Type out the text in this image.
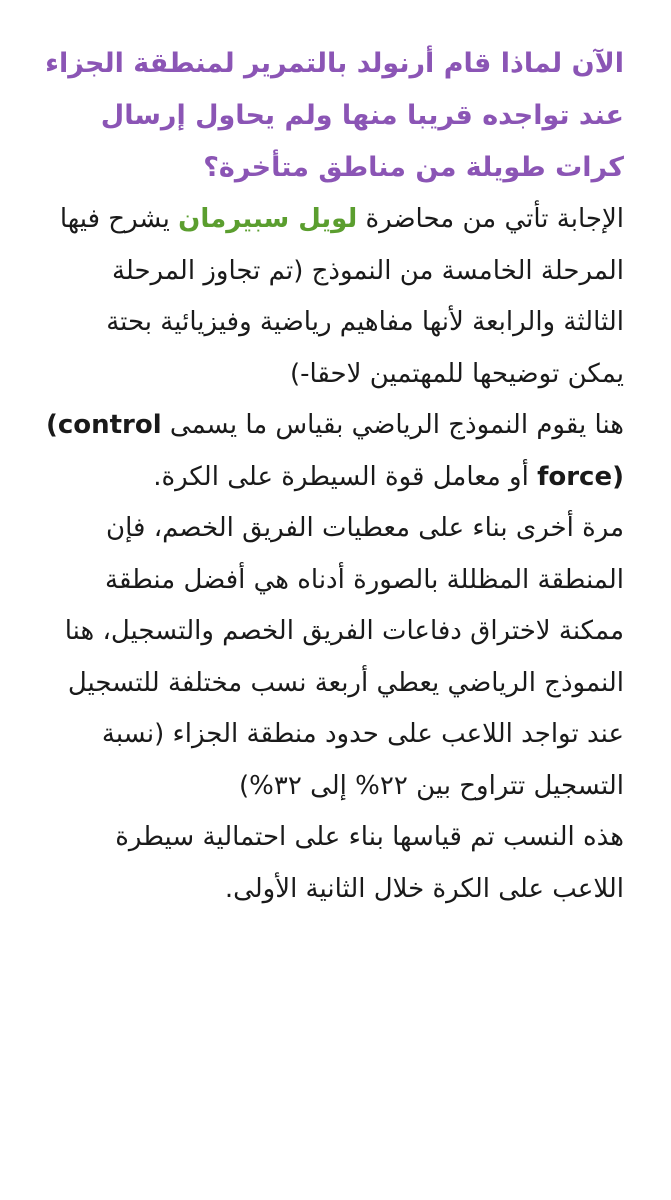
الآن لماذا قام أرنولد بالتمرير لمنطقة الجزاء عند تواجده قريبا منها ولم يحاول إرسال كرات طويلة من مناطق متأخرة؟

الإجابة تأتي من محاضرة لويل سبيرمان يشرح فيها المرحلة الخامسة من النموذج (تم تجاوز المرحلة الثالثة والرابعة لأنها مفاهيم رياضية وفيزيائية بحتة يمكن توضيحها للمهتمين لاحقا-)
هنا يقوم النموذج الرياضي بقياس ما يسمى (control force) أو معامل قوة السيطرة على الكرة.
مرة أخرى بناء على معطيات الفريق الخصم، فإن المنطقة المظللة بالصورة أدناه هي أفضل منطقة ممكنة لاختراق دفاعات الفريق الخصم والتسجيل، هنا النموذج الرياضي يعطي أربعة نسب مختلفة للتسجيل عند تواجد اللاعب على حدود منطقة الجزاء (نسبة التسجيل تتراوح بين ٢٢% إلى ٣٢%)
هذه النسب تم قياسها بناء على احتمالية سيطرة اللاعب على الكرة خلال الثانية الأولى.
